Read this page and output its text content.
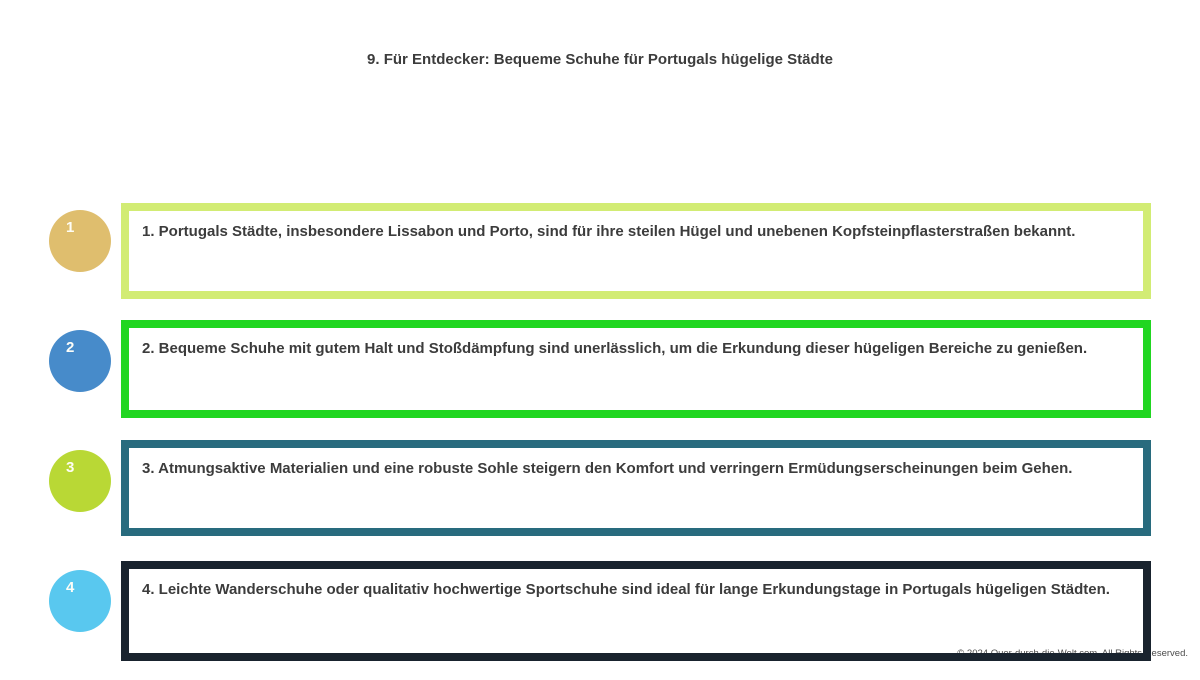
9. Für Entdecker: Bequeme Schuhe für Portugals hügelige Städte
1	1. Portugals Städte, insbesondere Lissabon und Porto, sind für ihre steilen Hügel und unebenen Kopfsteinpflasterstraßen bekannt.

2	2. Bequeme Schuhe mit gutem Halt und Stoßdämpfung sind unerlässlich, um die Erkundung dieser hügeligen Bereiche zu genießen.

3	3. Atmungsaktive Materialien und eine robuste Sohle steigern den Komfort und verringern Ermüdungserscheinungen beim Gehen.

4	4. Leichte Wanderschuhe oder qualitativ hochwertige Sportschuhe sind ideal für lange Erkundungstage in Portugals hügeligen Städten.

© 2024 Quer-durch-die-Welt.com. All Rights Reserved.
